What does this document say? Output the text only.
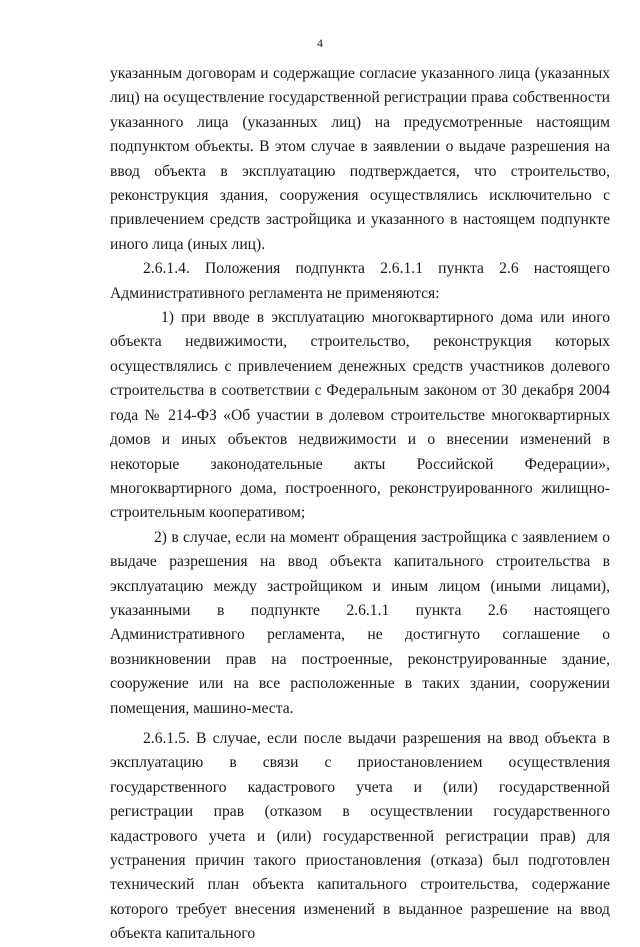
4

указанным договорам и содержащие согласие указанного лица (указанных лиц) на осуществление государственной регистрации права собственности указанного лица (указанных лиц) на предусмотренные настоящим подпунктом объекты. В этом случае в заявлении о выдаче разрешения на ввод объекта в эксплуатацию подтверждается, что строительство, реконструкция здания, сооружения осуществлялись исключительно с привлечением средств застройщика и указанного в настоящем подпункте иного лица (иных лиц).

2.6.1.4. Положения подпункта 2.6.1.1 пункта 2.6 настоящего Административного регламента не применяются:

1) при вводе в эксплуатацию многоквартирного дома или иного объекта недвижимости, строительство, реконструкция которых осуществлялись с привлечением денежных средств участников долевого строительства в соответствии с Федеральным законом от 30 декабря 2004 года № 214-ФЗ «Об участии в долевом строительстве многоквартирных домов и иных объектов недвижимости и о внесении изменений в некоторые законодательные акты Российской Федерации», многоквартирного дома, построенного, реконструированного жилищно-строительным кооперативом;

2) в случае, если на момент обращения застройщика с заявлением о выдаче разрешения на ввод объекта капитального строительства в эксплуатацию между застройщиком и иным лицом (иными лицами), указанными в подпункте 2.6.1.1 пункта 2.6 настоящего Административного регламента, не достигнуто соглашение о возникновении прав на построенные, реконструированные здание, сооружение или на все расположенные в таких здании, сооружении помещения, машино-места.

2.6.1.5. В случае, если после выдачи разрешения на ввод объекта в эксплуатацию в связи с приостановлением осуществления государственного кадастрового учета и (или) государственной регистрации прав (отказом в осуществлении государственного кадастрового учета и (или) государственной регистрации прав) для устранения причин такого приостановления (отказа) был подготовлен технический план объекта капитального строительства, содержание которого требует внесения изменений в выданное разрешение на ввод объекта капитального
